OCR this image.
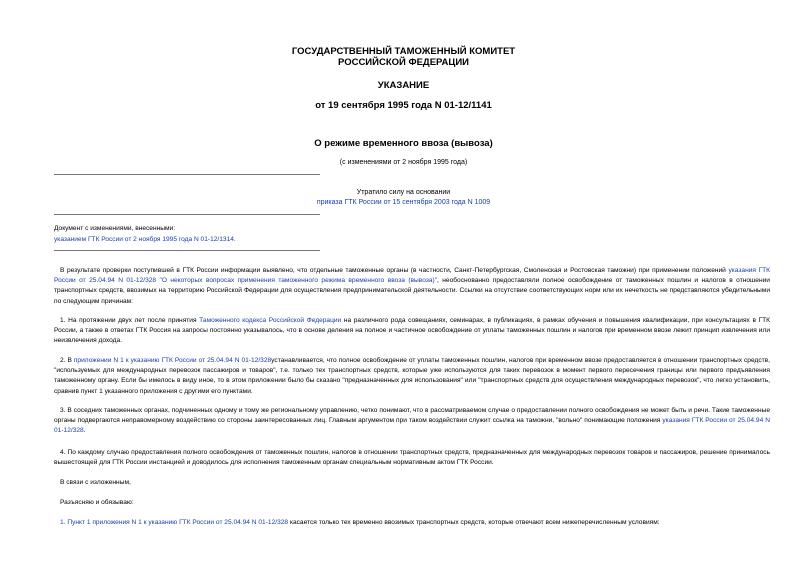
ГОСУДАРСТВЕННЫЙ ТАМОЖЕННЫЙ КОМИТЕТ
РОССИЙСКОЙ ФЕДЕРАЦИИ
УКАЗАНИЕ
от 19 сентября 1995 года N 01-12/1141
О режиме временного ввоза (вывоза)
(с изменениями от 2 ноября 1995 года)
Утратило силу на основании
приказа ГТК России от 15 сентября 2003 года N 1009
Документ с изменениями, внесенными:
указанием ГТК России от 2 ноября 1995 года N 01-12/1314.
В результате проверки поступившей в ГТК России информации выявлено, что отдельные таможенные органы (в частности, Санкт-Петербургская, Смоленская и Ростовская таможни) при применении положений указания ГТК России от 25.04.94 N 01-12/328 "О некоторых вопросах применения таможенного режима временного ввоза (вывоза)", необоснованно предоставляли полное освобождение от таможенных пошлин и налогов в отношении транспортных средств, ввозимых на территорию Российской Федерации для осуществления предпринимательской деятельности. Ссылки на отсутствие соответствующих норм или их нечеткость не представляются убедительными по следующим причинам:
1. На протяжении двух лет после принятия Таможенного кодекса Российской Федерации на различного рода совещаниях, семинарах, в публикациях, в рамках обучения и повышения квалификации, при консультациях в ГТК России, а также в ответах ГТК Россия на запросы постоянно указывалось, что в основе деления на полное и частичное освобождение от уплаты таможенных пошлин и налогов при временном ввозе лежит принцип извлечения или неизвлечения дохода.
2. В приложении N 1 к указанию ГТК России от 25.04.94 N 01-12/328устанавливается, что полное освобождение от уплаты таможенных пошлин, налогов при временном ввозе предоставляется в отношении транспортных средств, "используемых для международных перевозок пассажиров и товаров", т.е. только тех транспортных средств, которые уже используются для таких перевозок в момент первого пересечения границы или первого предъявления таможенному органу. Если бы имелось в виду иное, то в этом приложении было бы сказано "предназначенных для использования" или "транспортных средств для осуществления международных перевозок", что легко установить, сравнив пункт 1 указанного приложения с другими его пунктами.
3. В соседних таможенных органах, подчиненных одному и тому же региональному управлению, четко понимают, что в рассматриваемом случае о предоставлении полного освобождения не может быть и речи. Такие таможенные органы подвергаются неправомерному воздействию со стороны заинтересованных лиц. Главным аргументом при таком воздействии служит ссылка на таможни, "вольно" понимающие положения указания ГТК России от 25.04.94 N 01-12/328.
4. По каждому случаю предоставления полного освобождения от таможенных пошлин, налогов в отношении транспортных средств, предназначенных для международных перевозок товаров и пассажиров, решение принималось вышестоящей для ГТК России инстанцией и доводилось для исполнения таможенным органам специальным нормативным актом ГТК России.
В связи с изложенным,
Разъясняю и обязываю:
1. Пункт 1 приложения N 1 к указанию ГТК России от 25.04.94 N 01-12/328 касается только тех временно ввозимых транспортных средств, которые отвечают всем нижеперечисленным условиям:
